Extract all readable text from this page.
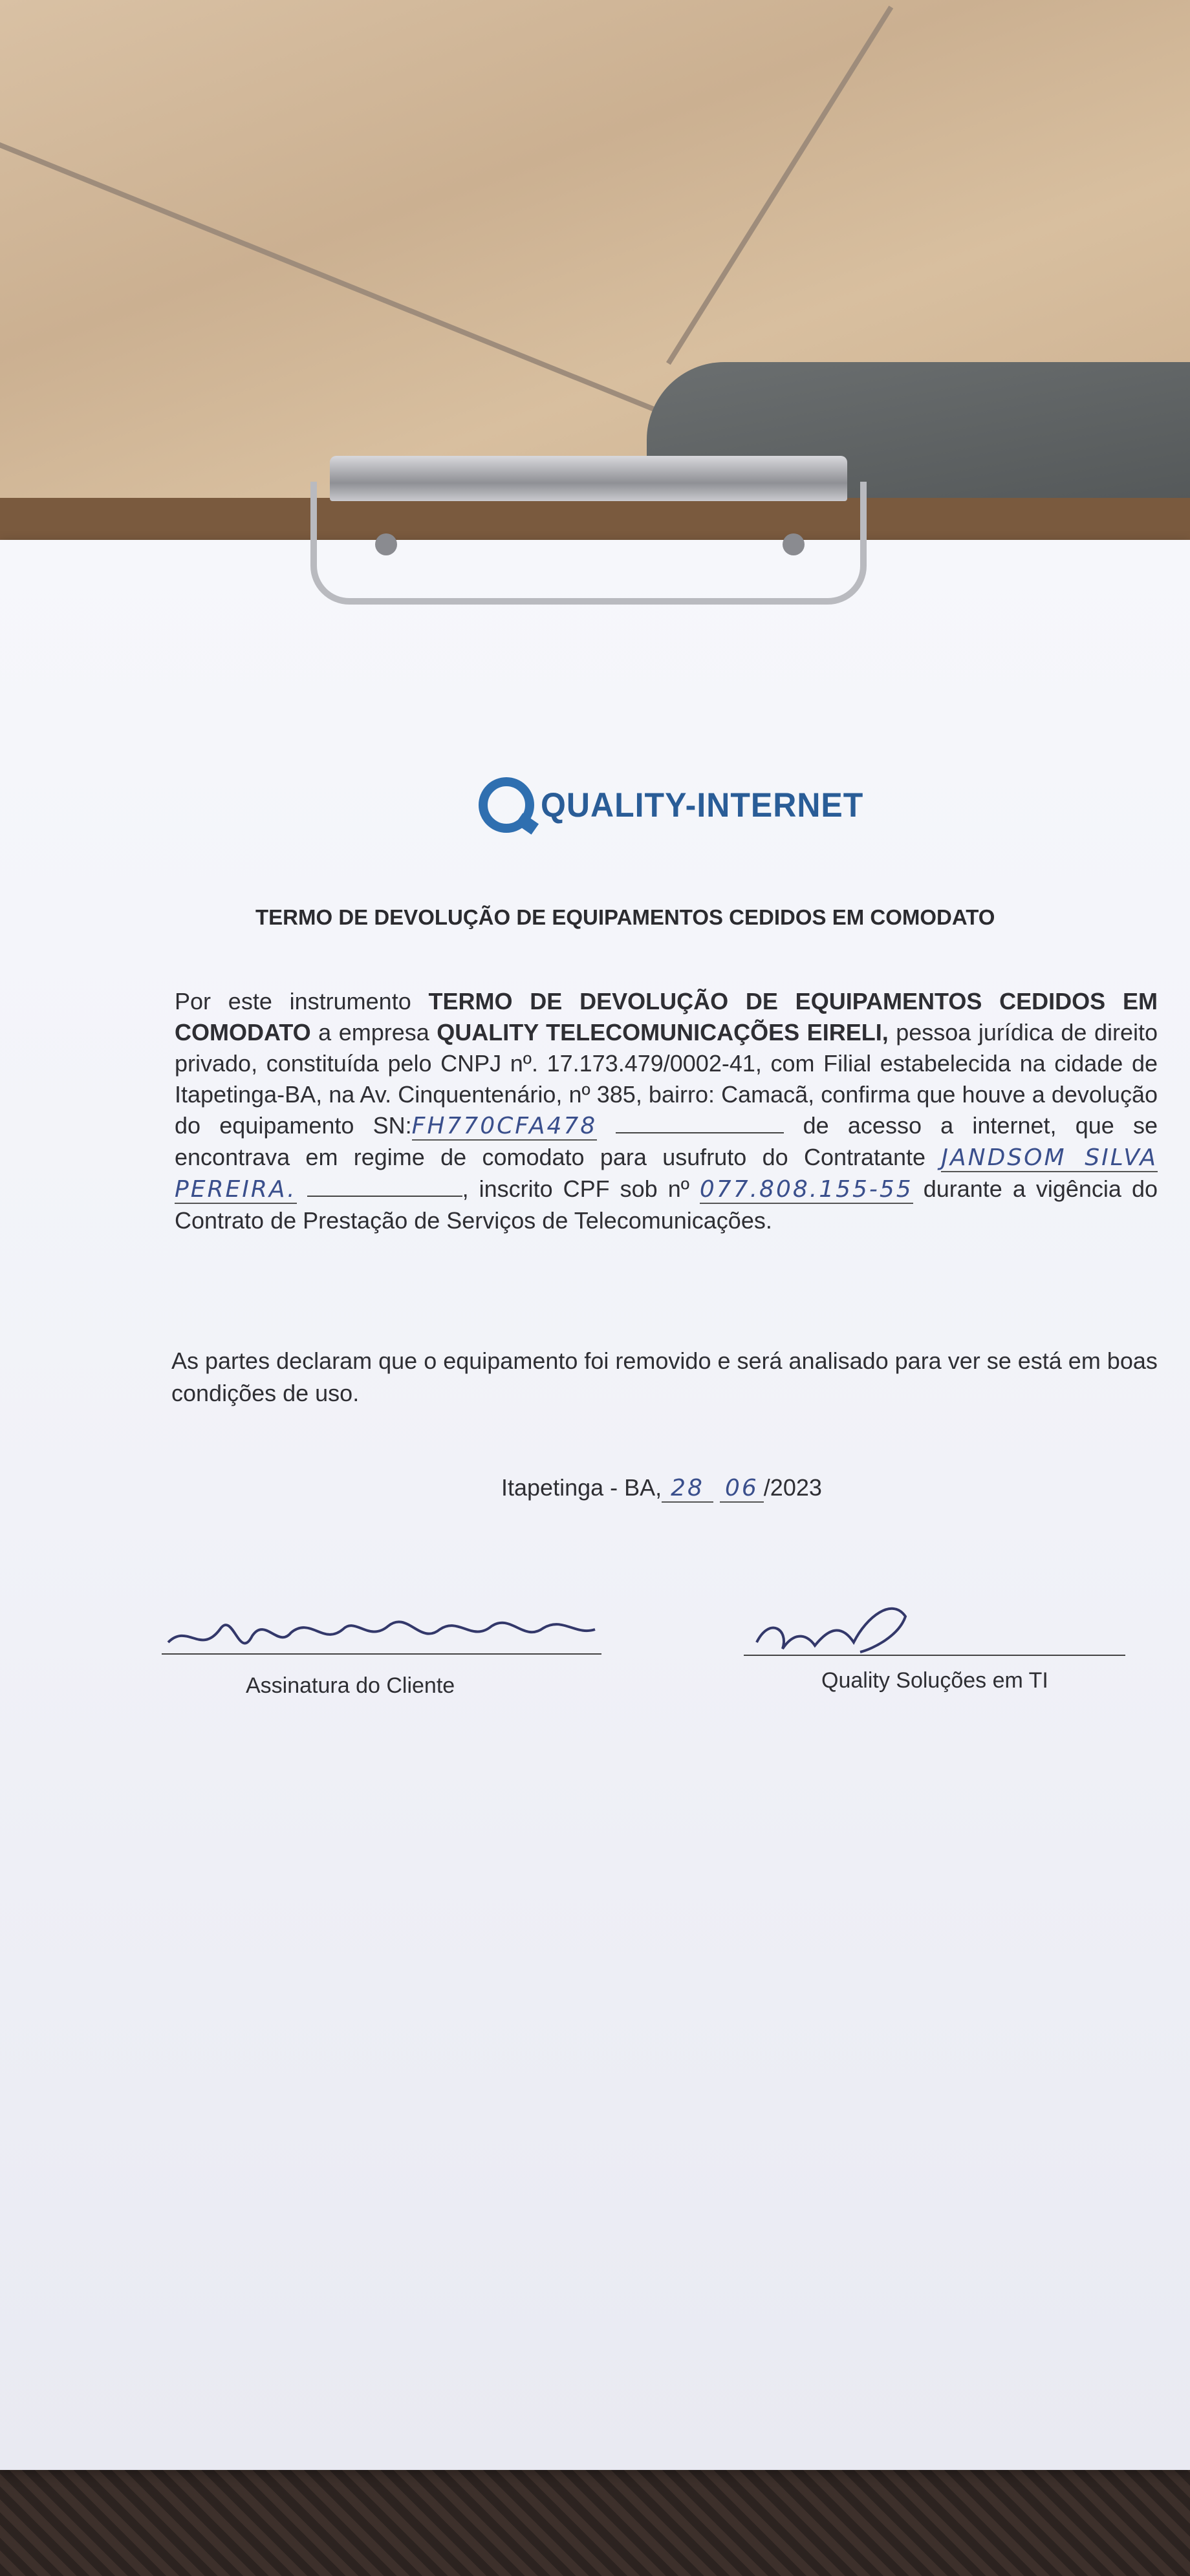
QUALITY-INTERNET
TERMO DE DEVOLUÇÃO DE EQUIPAMENTOS CEDIDOS EM COMODATO
Por este instrumento TERMO DE DEVOLUÇÃO DE EQUIPAMENTOS CEDIDOS EM COMODATO a empresa QUALITY TELECOMUNICAÇÕES EIRELI, pessoa jurídica de direito privado, constituída pelo CNPJ nº. 17.173.479/0002-41, com Filial estabelecida na cidade de Itapetinga-BA, na Av. Cinquentenário, nº 385, bairro: Camacã, confirma que houve a devolução do equipamento SN:FH770CFA478	de acesso a internet, que se encontrava em regime de comodato para usufruto do Contratante JANDSOM SILVA PEREIRA.	, inscrito CPF sob nº 077.808.155-55 durante a vigência do Contrato de Prestação de Serviços de Telecomunicações.
As partes declaram que o equipamento foi removido e será analisado para ver se está em boas condições de uso.
Itapetinga - BA, 28 06 /2023
Assinatura do Cliente	Quality Soluções em TI
